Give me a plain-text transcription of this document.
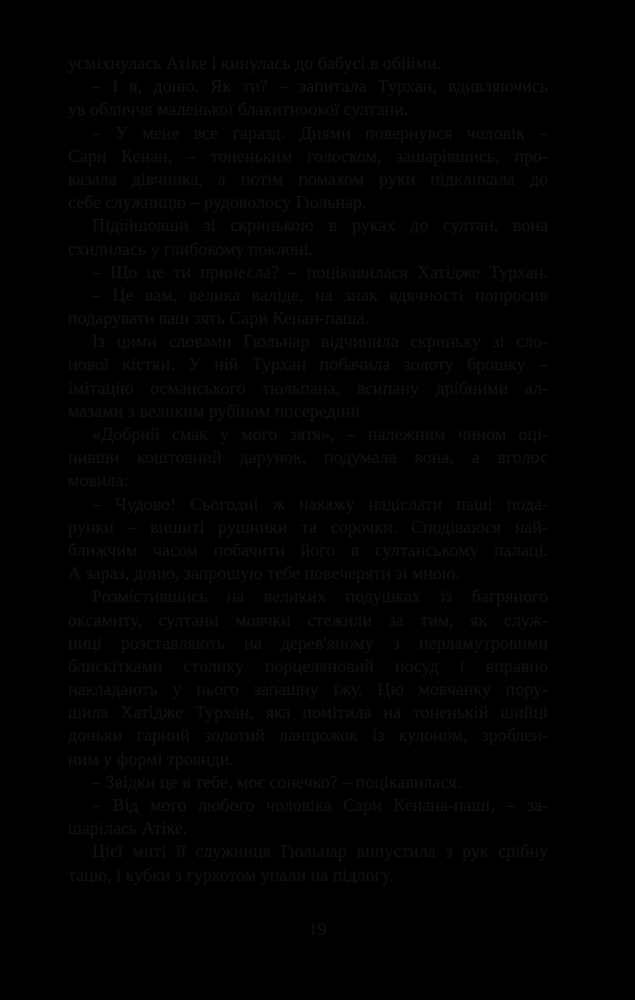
усміхнулась Атіке і кинулась до бабусі в обійми.
– І я, доню. Як ти? – запитала Турхан, вдивляючись
ув обличчя маленької блакитноокої султани.
– У мене все гаразд. Днями повернувся чоловік –
Сари Кенан, – тоненьким голоском, зашарівшись, про-
казала дівчинка, а потім помахом руки підкликала до
себе служницю – рудоволосу Гюльнар.
Підійшовши зі скринькою в руках до султан, вона
схилилась у глибокому поклоні.
– Що це ти принесла? – поцікавилася Хатідже Турхан.
– Це вам, велика валіде, на знак вдячності попросив
подарувати ваш зять Сари Кенан-паша.
Із цими словами Гюльнар відчинила скриньку зі сло-
нової кістки. У ній Турхан побачила золоту брошку –
імітацію османського тюльпана, всипану дрібними ал-
мазами з великим рубіном посередині.
«Добрий смак у мого зятя», – належним чином оці-
нивши коштовний дарунок, подумала вона, а вголос
мовила:
– Чудово! Сьогодні ж накажу надіслати паші пода-
рунки – вишиті рушники та сорочки. Сподіваюся най-
ближчим часом побачити його в султанському палаці.
А зараз, доню, запрошую тебе повечеряти зі мною.
Розмістившись на великих подушках із багряного
оксамиту, султани мовчки стежили за тим, як служ-
ниці розставляють на дерев'яному з перламутровими
блискітками столику порцеляновий посуд і вправно
накладають у нього запашну їжу. Цю мовчанку пору-
шила Хатідже Турхан, яка помітила на тоненькій шийці
доньки гарний золотий ланцюжок із кулоном, зроблен-
ним у формі троянди.
– Звідки це в тебе, моє сонечко? – поцікавилася.
– Від мого любого чоловіка Сари Кенана-паші, – за-
шарілась Атіке.
Цієї миті її служниця Гюльнар випустила з рук срібну
тацю, і кубки з гуркотом упали на підлогу.
19
